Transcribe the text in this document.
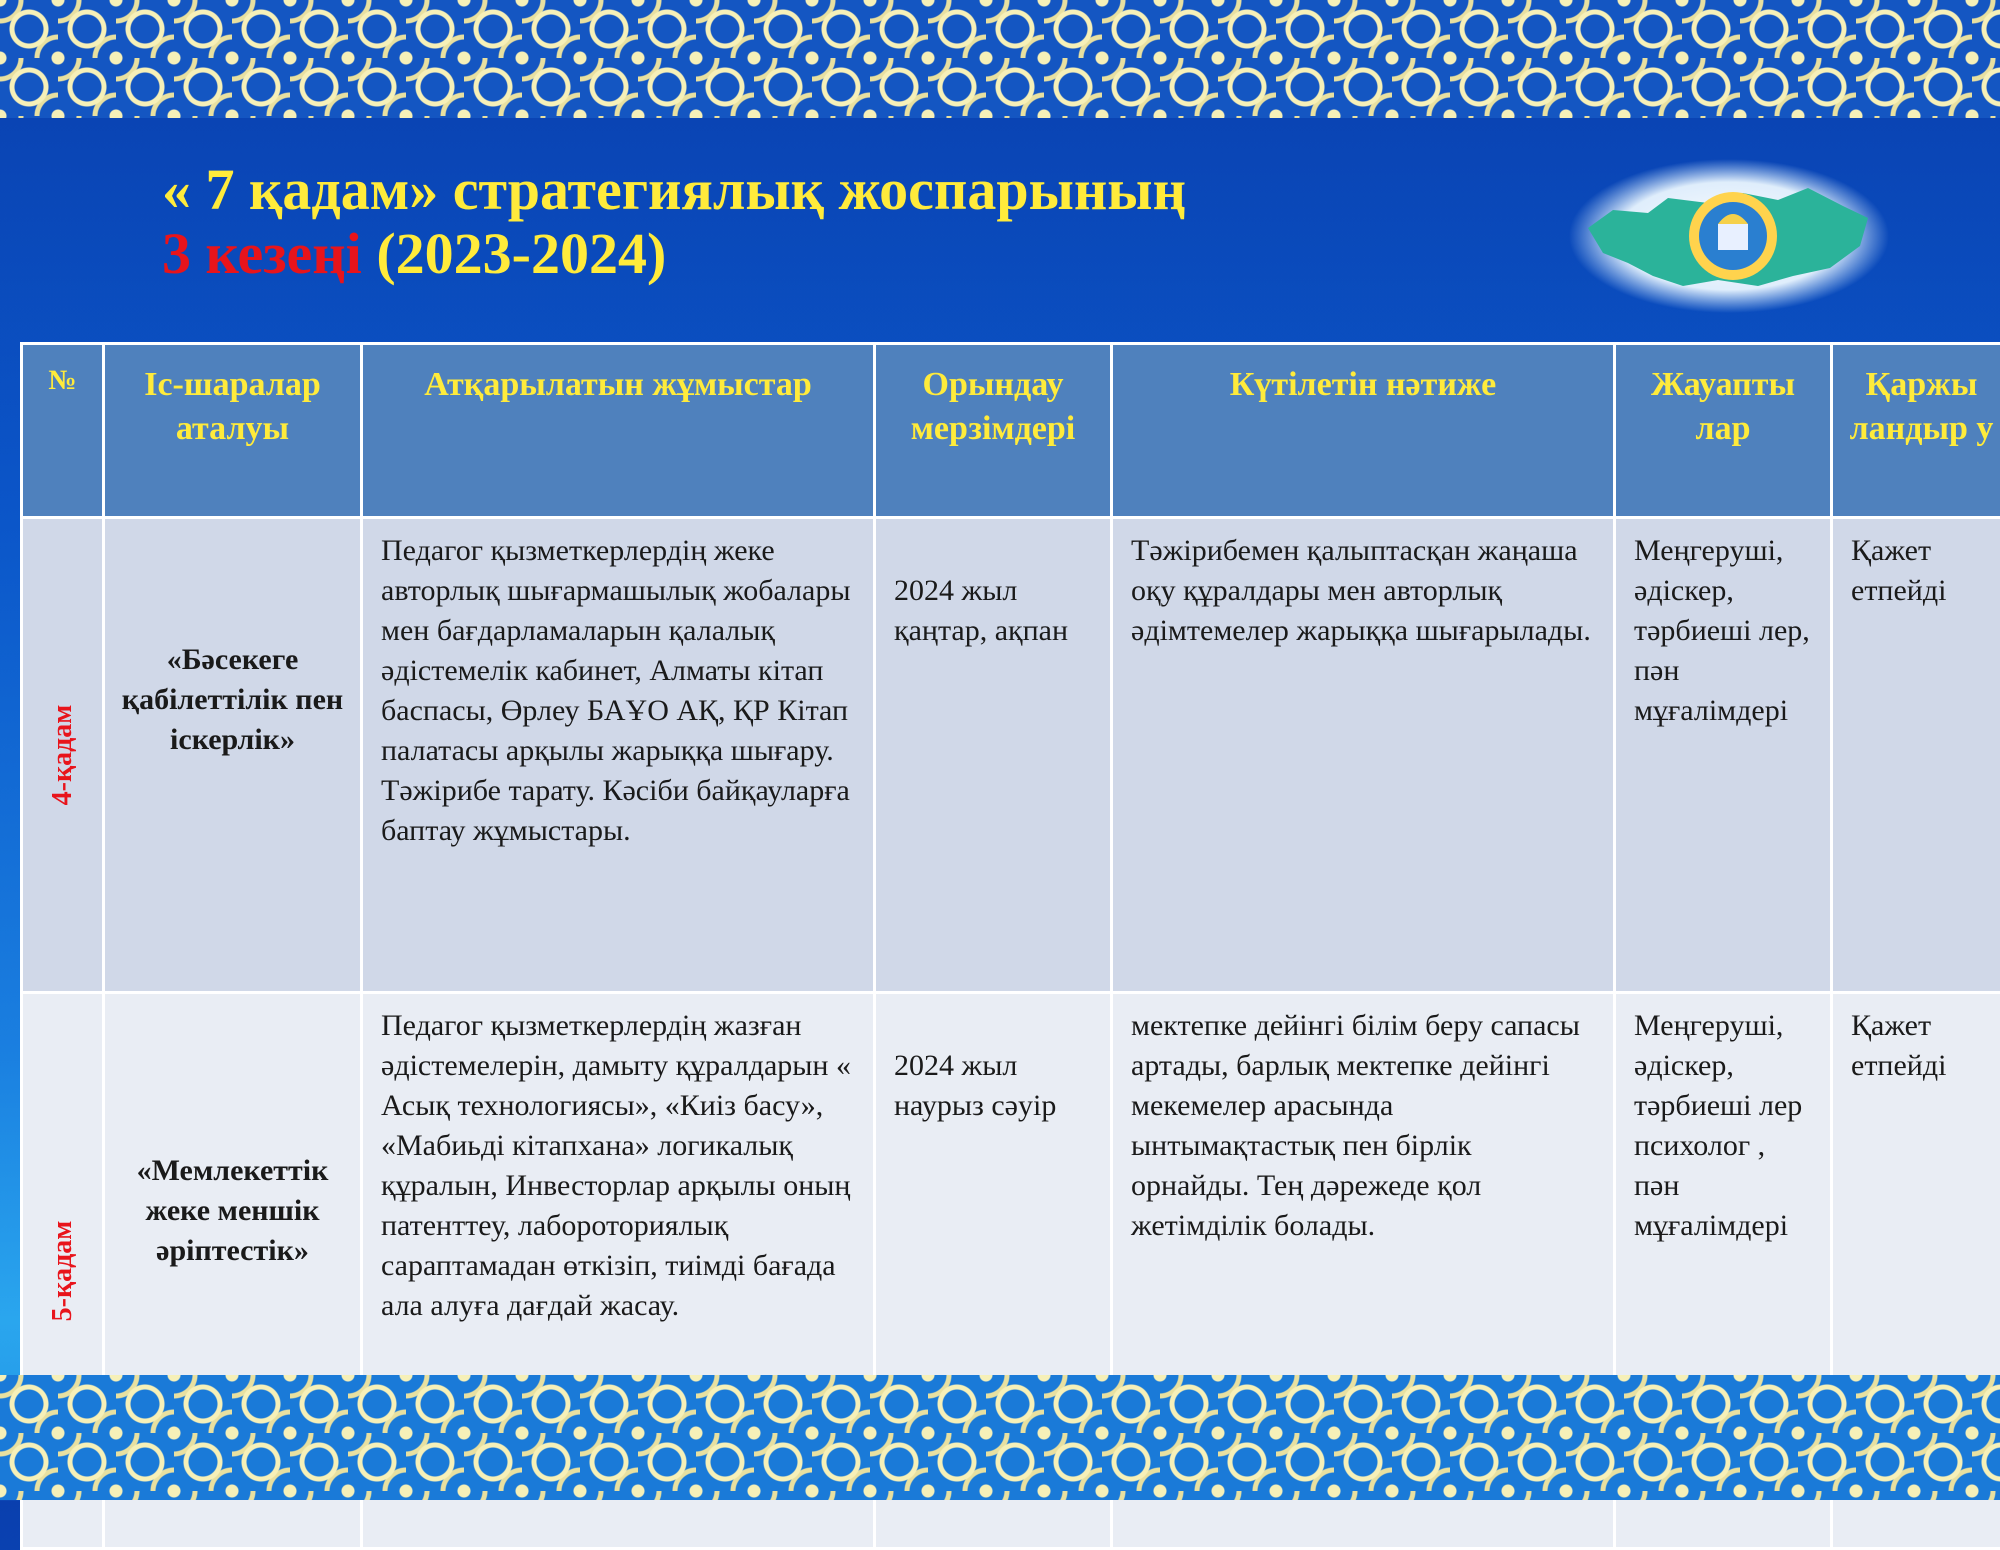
« 7 қадам» стратегиялық жоспарының
3 кезеңі (2023-2024)
№	Іс-шаралар аталуы	Атқарылатын жұмыстар	Орындау мерзімдері	Күтілетін нәтиже	Жауапты лар	Қаржы ландыр у

4-қадам	«Бәсекеге қабілеттілік пен іскерлік»	Педагог қызметкерлердің жеке авторлық шығармашылық жобалары мен бағдарламаларын қалалық әдістемелік кабинет, Алматы кітап баспасы, Өрлеу БАҰО АҚ, ҚР Кітап палатасы арқылы жарыққа шығару. Тәжірибе тарату. Кәсіби байқауларға баптау жұмыстары.	2024 жыл қаңтар, ақпан	Тәжірибемен қалыптасқан жаңаша оқу құралдары мен авторлық әдімтемелер жарыққа шығарылады.	Меңгеруші, әдіскер, тәрбиеші лер, пән мұғалімдері	Қажет етпейді

5-қадам	«Мемлекеттік жеке меншік әріптестік»	Педагог қызметкерлердің жазған әдістемелерін, дамыту құралдарын « Асық технологиясы», «Киіз басу», «Мабиьді кітапхана» логикалық құралын, Инвесторлар арқылы оның патенттеу, лабороториялық сараптамадан өткізіп, тиімді бағада ала алуға дағдай жасау.	2024 жыл наурыз сәуір	мектепке дейінгі білім беру сапасы артады, барлық мектепке дейінгі мекемелер арасында ынтымақтастық пен бірлік орнайды. Тең дәрежеде қол жетімділік болады.	Меңгеруші, әдіскер, тәрбиеші лер психолог , пән мұғалімдері	Қажет етпейді
